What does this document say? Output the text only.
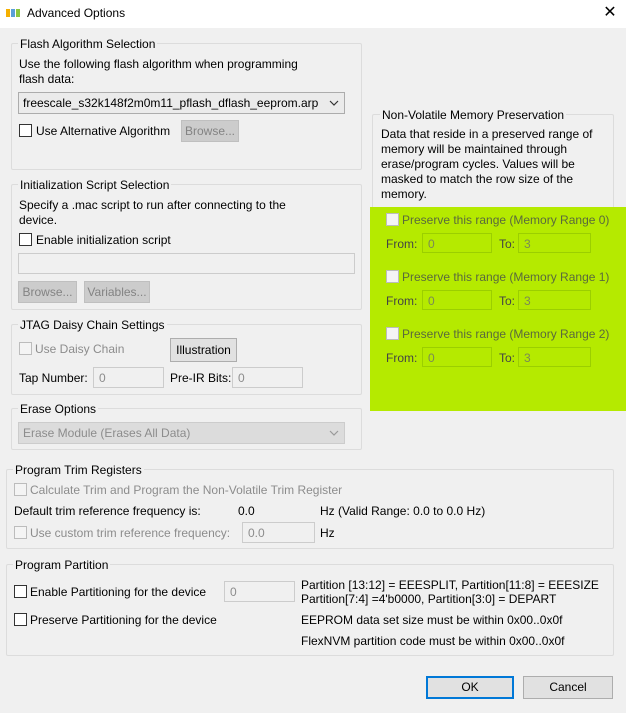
Advanced Options	✕
Flash Algorithm Selection
Use the following flash algorithm when programming flash data:
freescale_s32k148f2m0m11_pflash_dflash_eeprom.arp
Use Alternative Algorithm	Browse...
Initialization Script Selection
Specify a .mac script to run after connecting to the device.
Enable initialization script
Browse...	Variables...
JTAG Daisy Chain Settings
Use Daisy Chain	Illustration
Tap Number: 0	Pre-IR Bits: 0
Erase Options
Erase Module (Erases All Data)
Non-Volatile Memory Preservation
Data that reside in a preserved range of memory will be maintained through erase/program cycles. Values will be masked to match the row size of the memory.
Preserve this range (Memory Range 0)
From: 0	To: 3
Preserve this range (Memory Range 1)
From: 0	To: 3
Preserve this range (Memory Range 2)
From: 0	To: 3
Program Trim Registers
Calculate Trim and Program the Non-Volatile Trim Register
Default trim reference frequency is:	0.0	Hz (Valid Range: 0.0 to 0.0 Hz)
Use custom trim reference frequency:	0.0	Hz
Program Partition
Enable Partitioning for the device	0	Partition [13:12] = EEESPLIT, Partition[11:8] = EEESIZE
Partition[7:4] =4'b0000, Partition[3:0] = DEPART
Preserve Partitioning for the device	EEPROM data set size must be within 0x00..0x0f
FlexNVM partition code must be within 0x00..0x0f
OK	Cancel
